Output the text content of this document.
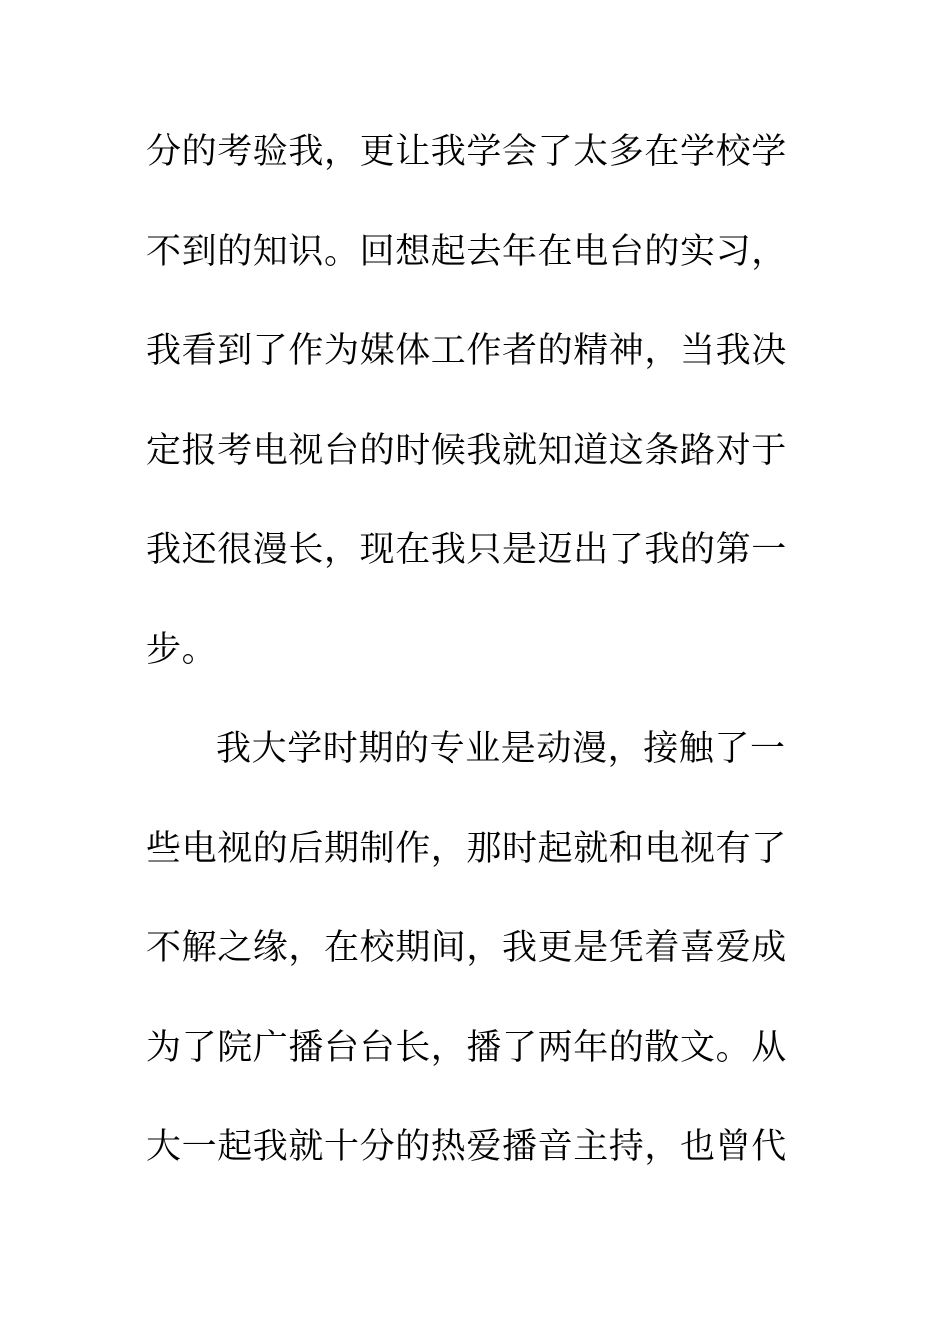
分的考验我，更让我学会了太多在学校学
不到的知识。回想起去年在电台的实习，
我看到了作为媒体工作者的精神，当我决
定报考电视台的时候我就知道这条路对于
我还很漫长，现在我只是迈出了我的第一
步。
我大学时期的专业是动漫，接触了一
些电视的后期制作，那时起就和电视有了
不解之缘，在校期间，我更是凭着喜爱成
为了院广播台台长，播了两年的散文。从
大一起我就十分的热爱播音主持，也曾代
